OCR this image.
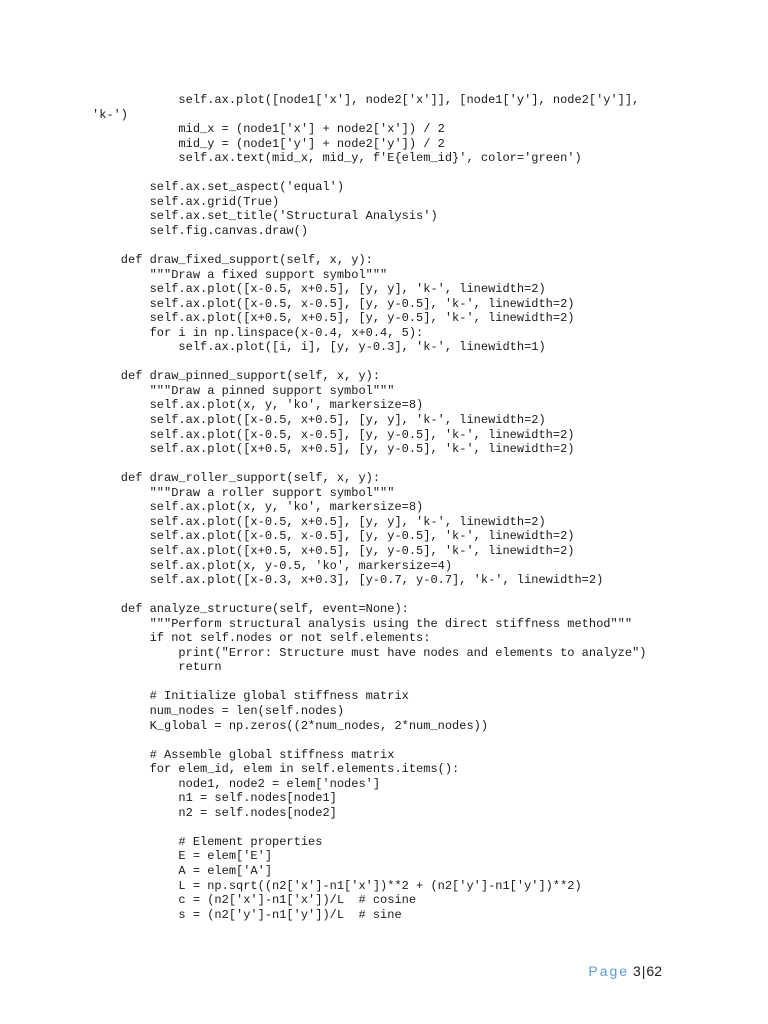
self.ax.plot([node1['x'], node2['x']], [node1['y'], node2['y']],
'k-')
mid_x = (node1['x'] + node2['x']) / 2
mid_y = (node1['y'] + node2['y']) / 2
self.ax.text(mid_x, mid_y, f'E{elem_id}', color='green')
self.ax.set_aspect('equal')
self.ax.grid(True)
self.ax.set_title('Structural Analysis')
self.fig.canvas.draw()
def draw_fixed_support(self, x, y):
"""Draw a fixed support symbol"""
self.ax.plot([x-0.5, x+0.5], [y, y], 'k-', linewidth=2)
self.ax.plot([x-0.5, x-0.5], [y, y-0.5], 'k-', linewidth=2)
self.ax.plot([x+0.5, x+0.5], [y, y-0.5], 'k-', linewidth=2)
for i in np.linspace(x-0.4, x+0.4, 5):
self.ax.plot([i, i], [y, y-0.3], 'k-', linewidth=1)
def draw_pinned_support(self, x, y):
"""Draw a pinned support symbol"""
self.ax.plot(x, y, 'ko', markersize=8)
self.ax.plot([x-0.5, x+0.5], [y, y], 'k-', linewidth=2)
self.ax.plot([x-0.5, x-0.5], [y, y-0.5], 'k-', linewidth=2)
self.ax.plot([x+0.5, x+0.5], [y, y-0.5], 'k-', linewidth=2)
def draw_roller_support(self, x, y):
"""Draw a roller support symbol"""
self.ax.plot(x, y, 'ko', markersize=8)
self.ax.plot([x-0.5, x+0.5], [y, y], 'k-', linewidth=2)
self.ax.plot([x-0.5, x-0.5], [y, y-0.5], 'k-', linewidth=2)
self.ax.plot([x+0.5, x+0.5], [y, y-0.5], 'k-', linewidth=2)
self.ax.plot(x, y-0.5, 'ko', markersize=4)
self.ax.plot([x-0.3, x+0.3], [y-0.7, y-0.7], 'k-', linewidth=2)
def analyze_structure(self, event=None):
"""Perform structural analysis using the direct stiffness method"""
if not self.nodes or not self.elements:
print("Error: Structure must have nodes and elements to analyze")
return
# Initialize global stiffness matrix
num_nodes = len(self.nodes)
K_global = np.zeros((2*num_nodes, 2*num_nodes))
# Assemble global stiffness matrix
for elem_id, elem in self.elements.items():
node1, node2 = elem['nodes']
n1 = self.nodes[node1]
n2 = self.nodes[node2]
# Element properties
E = elem['E']
A = elem['A']
L = np.sqrt((n2['x']-n1['x'])**2 + (n2['y']-n1['y'])**2)
c = (n2['x']-n1['x'])/L  # cosine
s = (n2['y']-n1['y'])/L  # sine
Page 3|62
